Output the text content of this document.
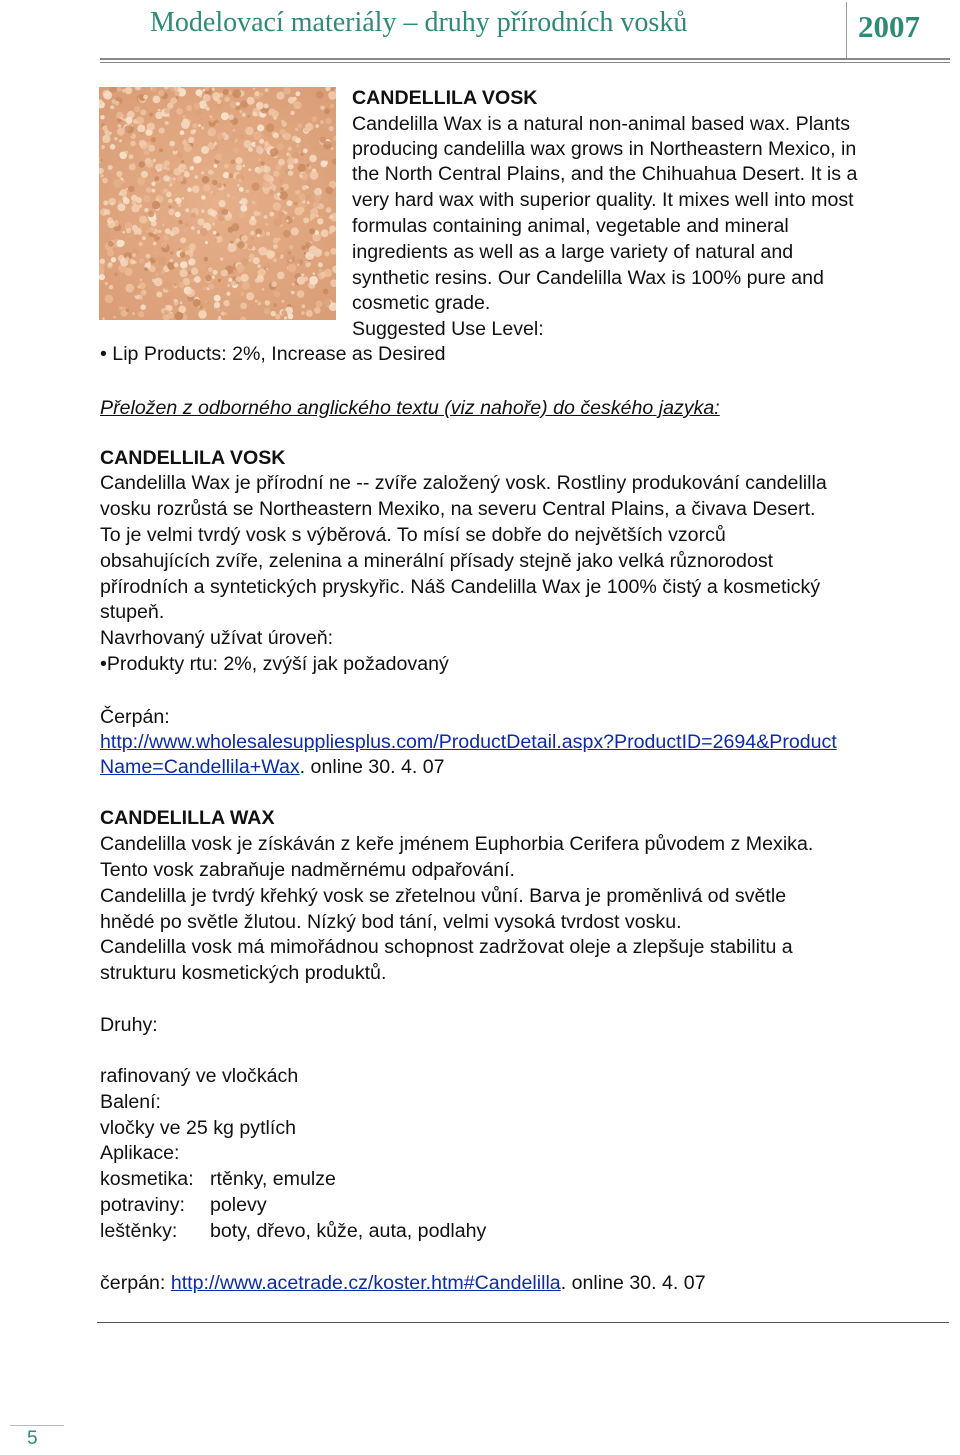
Modelovací materiály – druhy přírodních vosků	2007
CANDELLILA VOSK
Candelilla Wax is a natural non-animal based wax. Plants
producing candelilla wax grows in Northeastern Mexico, in
the North Central Plains, and the Chihuahua Desert. It is a
very hard wax with superior quality. It mixes well into most
formulas containing animal, vegetable and mineral
ingredients as well as a large variety of natural and
synthetic resins. Our Candelilla Wax is 100% pure and
cosmetic grade.
Suggested Use Level:
• Lip Products: 2%, Increase as Desired
Přeložen z odborného anglického textu (viz nahoře) do českého jazyka:
CANDELLILA VOSK
Candelilla Wax je přírodní ne -- zvíře založený vosk. Rostliny produkování candelilla
vosku rozrůstá se Northeastern Mexiko, na severu Central Plains, a čivava Desert.
To je velmi tvrdý vosk s výběrová. To mísí se dobře do největších vzorců
obsahujících zvíře, zelenina a minerální přísady stejně jako velká různorodost
přírodních a syntetických pryskyřic. Náš Candelilla Wax je 100% čistý a kosmetický
stupeň.
Navrhovaný užívat úroveň:
•Produkty rtu: 2%, zvýší jak požadovaný
Čerpán:
http://www.wholesalesuppliesplus.com/ProductDetail.aspx?ProductID=2694&Product
Name=Candellila+Wax. online 30. 4. 07
CANDELILLA WAX
Candelilla vosk je získáván z keře jménem Euphorbia Cerifera původem z Mexika.
Tento vosk zabraňuje nadměrnému odpařování.
Candelilla je tvrdý křehký vosk se zřetelnou vůní. Barva je proměnlivá od světle
hnědé po světle žlutou. Nízký bod tání, velmi vysoká tvrdost vosku.
Candelilla vosk má mimořádnou schopnost zadržovat oleje a zlepšuje stabilitu a
strukturu kosmetických produktů.
Druhy:
rafinovaný ve vločkách
Balení:
vločky ve 25 kg pytlích
Aplikace:
kosmetika: rtěnky, emulze
potraviny: polevy
leštěnky: boty, dřevo, kůže, auta, podlahy
čerpán: http://www.acetrade.cz/koster.htm#Candelilla. online 30. 4. 07
5
